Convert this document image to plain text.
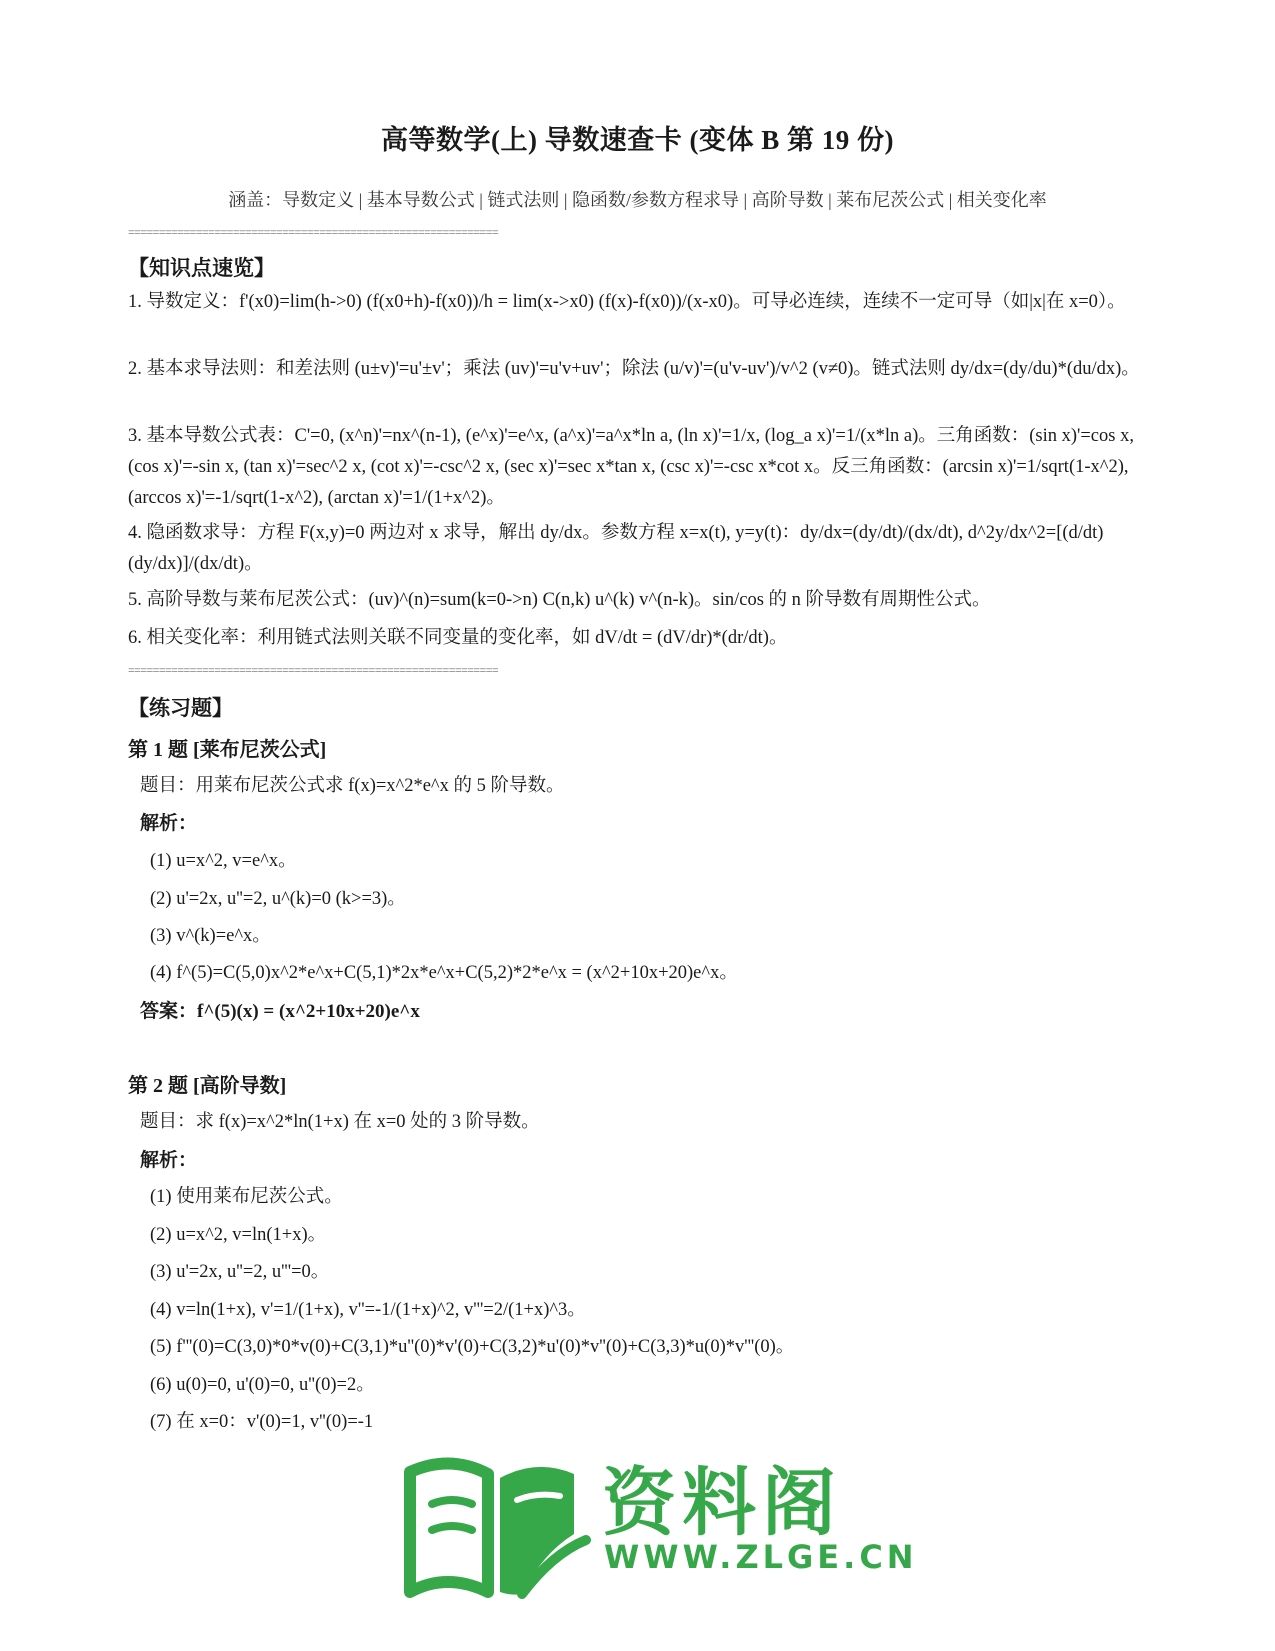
高等数学(上) 导数速查卡 (变体 B 第 19 份)
涵盖：导数定义 | 基本导数公式 | 链式法则 | 隐函数/参数方程求导 | 高阶导数 | 莱布尼茨公式 | 相关变化率
============================================================
【知识点速览】
1. 导数定义：f'(x0)=lim(h->0) (f(x0+h)-f(x0))/h = lim(x->x0) (f(x)-f(x0))/(x-x0)。可导必连续，连续不一定可导（如|x|在 x=0）。
2. 基本求导法则：和差法则 (u±v)'=u'±v'；乘法 (uv)'=u'v+uv'；除法 (u/v)'=(u'v-uv')/v^2 (v≠0)。链式法则 dy/dx=(dy/du)*(du/dx)。
3. 基本导数公式表：C'=0, (x^n)'=nx^(n-1), (e^x)'=e^x, (a^x)'=a^x*ln a, (ln x)'=1/x, (log_a x)'=1/(x*ln a)。三角函数：(sin x)'=cos x, (cos x)'=-sin x, (tan x)'=sec^2 x, (cot x)'=-csc^2 x, (sec x)'=sec x*tan x, (csc x)'=-csc x*cot x。反三角函数：(arcsin x)'=1/sqrt(1-x^2), (arccos x)'=-1/sqrt(1-x^2), (arctan x)'=1/(1+x^2)。
4. 隐函数求导：方程 F(x,y)=0 两边对 x 求导，解出 dy/dx。参数方程 x=x(t), y=y(t)：dy/dx=(dy/dt)/(dx/dt), d^2y/dx^2=[(d/dt)(dy/dx)]/(dx/dt)。
5. 高阶导数与莱布尼茨公式：(uv)^(n)=sum(k=0->n) C(n,k) u^(k) v^(n-k)。sin/cos 的 n 阶导数有周期性公式。
6. 相关变化率：利用链式法则关联不同变量的变化率，如 dV/dt = (dV/dr)*(dr/dt)。
============================================================
【练习题】
第 1 题 [莱布尼茨公式]
题目：用莱布尼茨公式求 f(x)=x^2*e^x 的 5 阶导数。
解析：
(1) u=x^2, v=e^x。
(2) u'=2x, u''=2, u^(k)=0 (k>=3)。
(3) v^(k)=e^x。
(4) f^(5)=C(5,0)x^2*e^x+C(5,1)*2x*e^x+C(5,2)*2*e^x = (x^2+10x+20)e^x。
答案：f^(5)(x) = (x^2+10x+20)e^x
第 2 题 [高阶导数]
题目：求 f(x)=x^2*ln(1+x) 在 x=0 处的 3 阶导数。
解析：
(1) 使用莱布尼茨公式。
(2) u=x^2, v=ln(1+x)。
(3) u'=2x, u''=2, u'''=0。
(4) v=ln(1+x), v'=1/(1+x), v''=-1/(1+x)^2, v'''=2/(1+x)^3。
(5) f'''(0)=C(3,0)*0*v(0)+C(3,1)*u''(0)*v'(0)+C(3,2)*u'(0)*v''(0)+C(3,3)*u(0)*v'''(0)。
(6) u(0)=0, u'(0)=0, u''(0)=2。
(7) 在 x=0：v'(0)=1, v''(0)=-1
资料阁
WWW.ZLGE.CN
